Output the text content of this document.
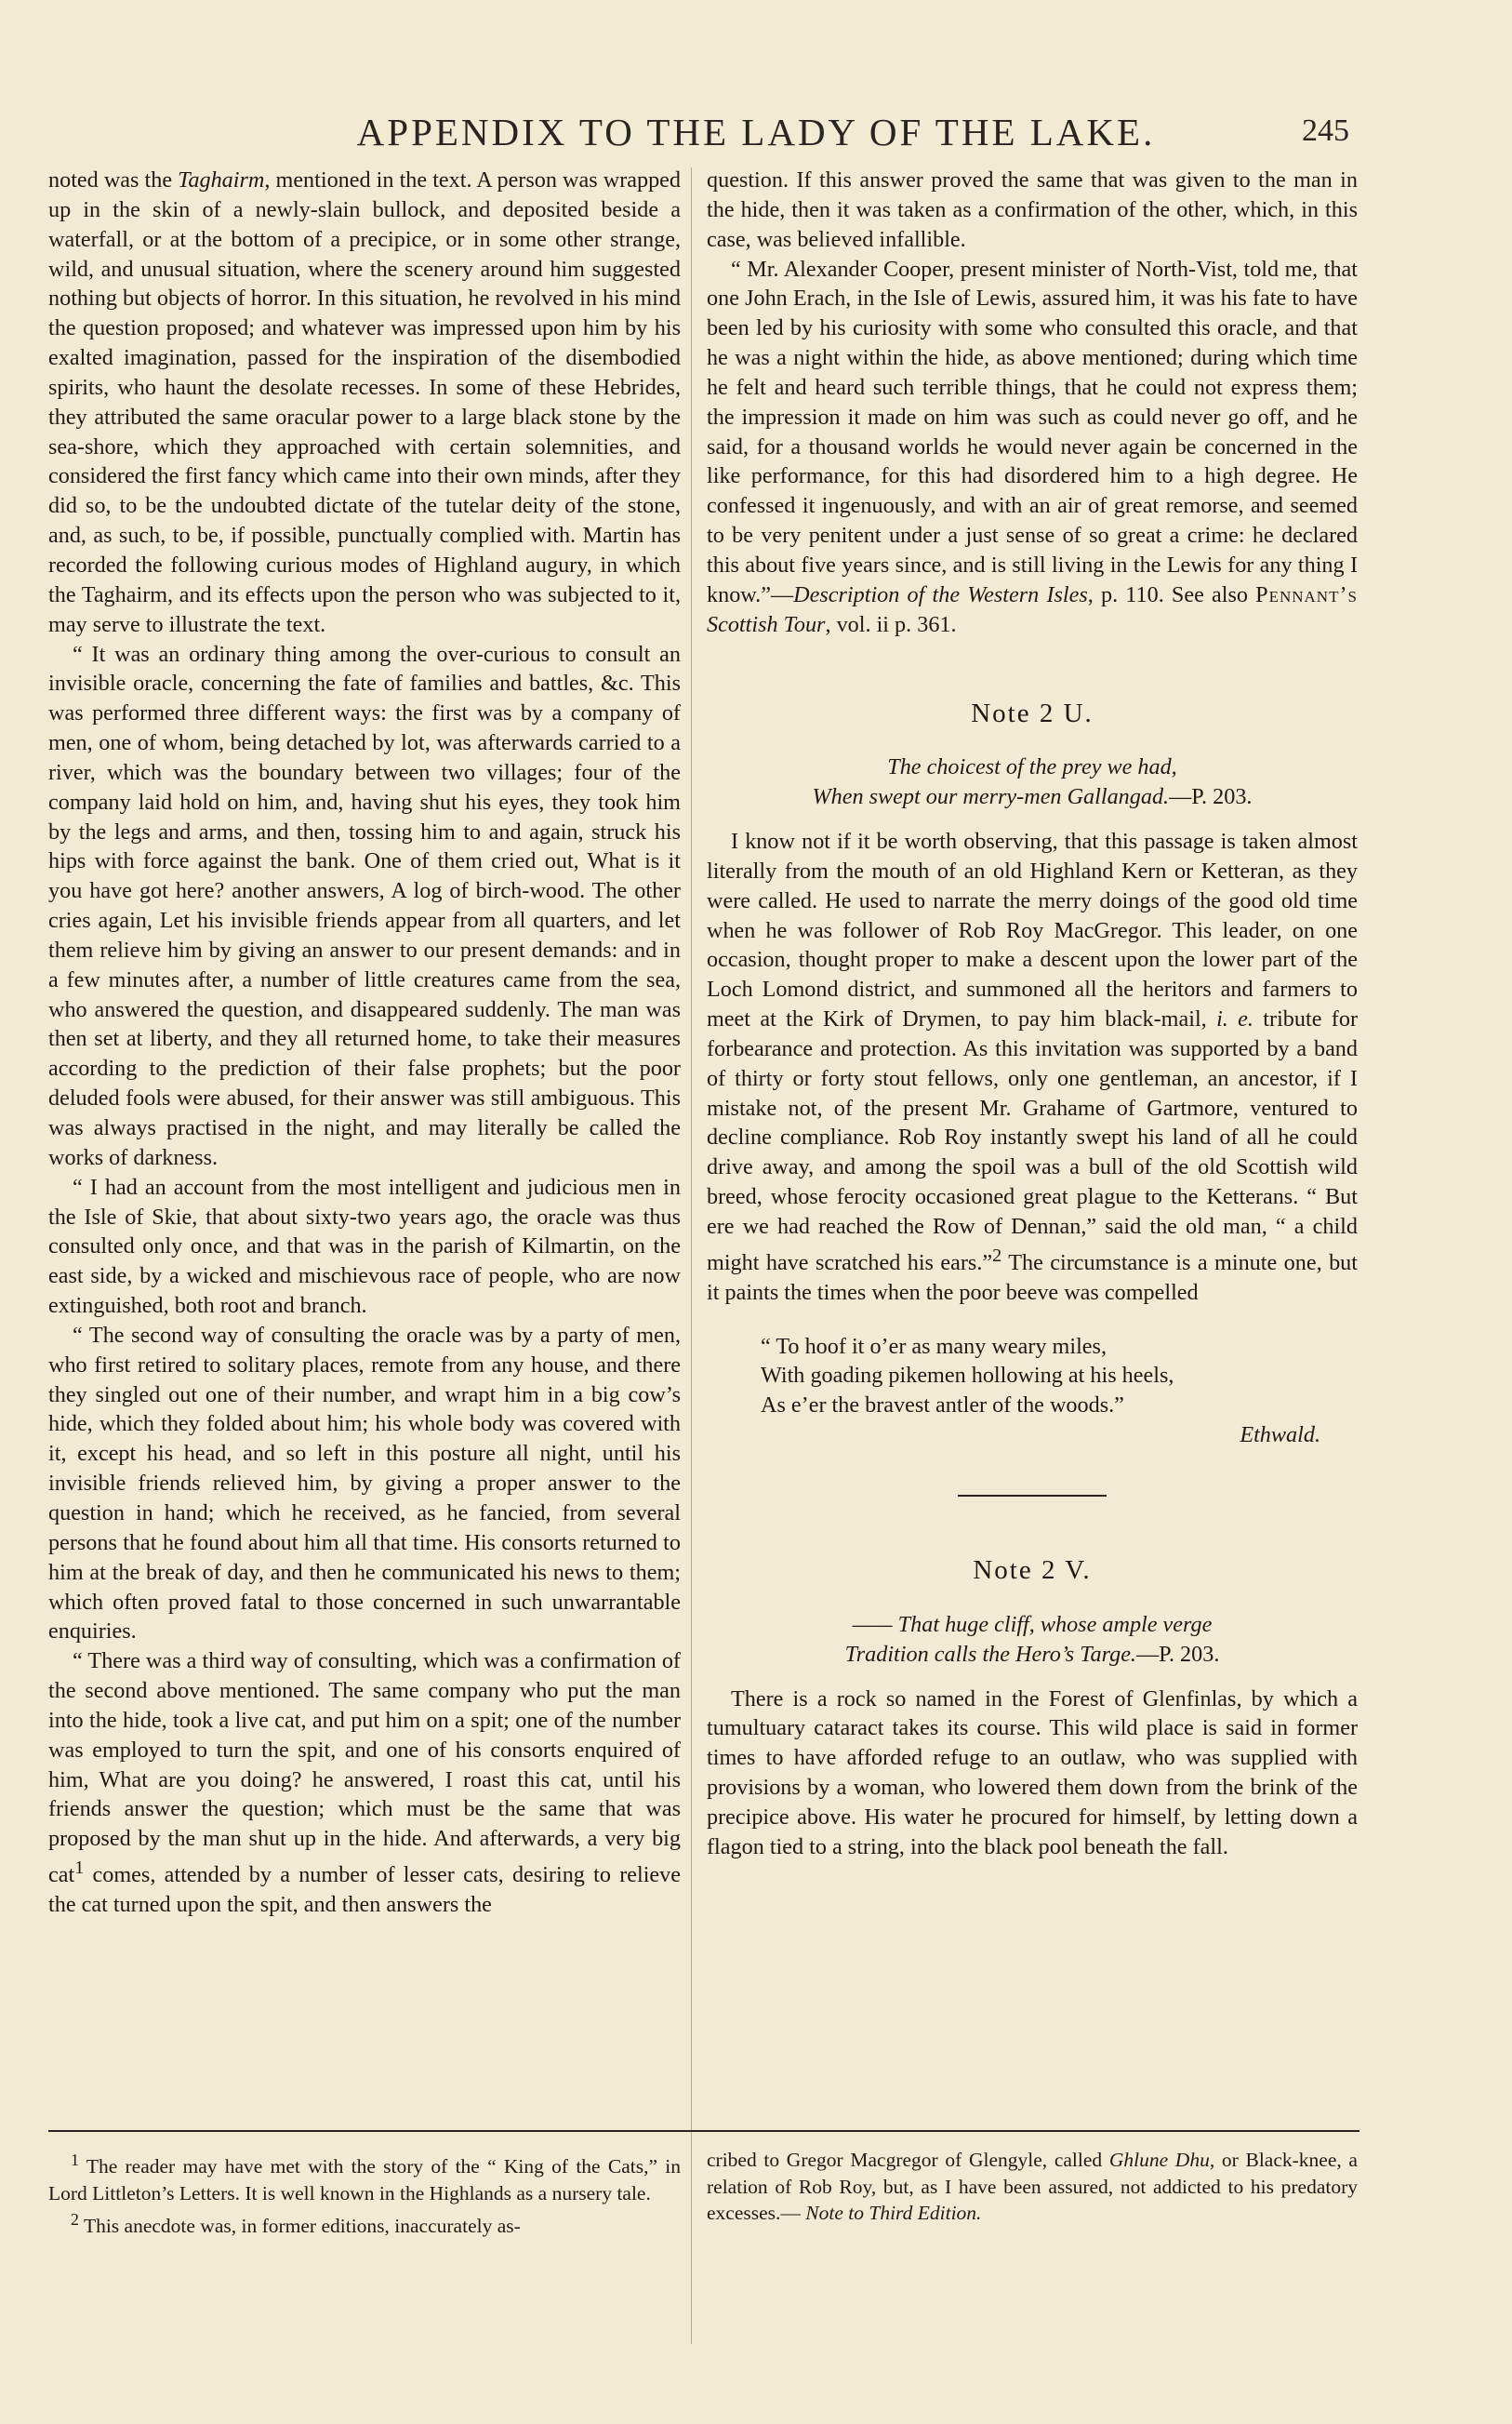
APPENDIX TO THE LADY OF THE LAKE.	245

noted was the Taghairm, mentioned in the text. A person was wrapped up in the skin of a newly-slain bullock, and deposited beside a waterfall, or at the bottom of a precipice, or in some other strange, wild, and unusual situation, where the scenery around him suggested nothing but objects of horror. In this situation, he revolved in his mind the question proposed; and whatever was impressed upon him by his exalted imagination, passed for the inspiration of the disembodied spirits, who haunt the desolate recesses. In some of these Hebrides, they attributed the same oracular power to a large black stone by the sea-shore, which they approached with certain solemnities, and considered the first fancy which came into their own minds, after they did so, to be the undoubted dictate of the tutelar deity of the stone, and, as such, to be, if possible, punctually complied with. Martin has recorded the following curious modes of Highland augury, in which the Taghairm, and its effects upon the person who was subjected to it, may serve to illustrate the text.

“ It was an ordinary thing among the over-curious to consult an invisible oracle, concerning the fate of families and battles, &c. This was performed three different ways: the first was by a company of men, one of whom, being detached by lot, was afterwards carried to a river, which was the boundary between two villages; four of the company laid hold on him, and, having shut his eyes, they took him by the legs and arms, and then, tossing him to and again, struck his hips with force against the bank. One of them cried out, What is it you have got here? another answers, A log of birch-wood. The other cries again, Let his invisible friends appear from all quarters, and let them relieve him by giving an answer to our present demands: and in a few minutes after, a number of little creatures came from the sea, who answered the question, and disappeared suddenly. The man was then set at liberty, and they all returned home, to take their measures according to the prediction of their false prophets; but the poor deluded fools were abused, for their answer was still ambiguous. This was always practised in the night, and may literally be called the works of darkness.

“ I had an account from the most intelligent and judicious men in the Isle of Skie, that about sixty-two years ago, the oracle was thus consulted only once, and that was in the parish of Kilmartin, on the east side, by a wicked and mischievous race of people, who are now extinguished, both root and branch.

“ The second way of consulting the oracle was by a party of men, who first retired to solitary places, remote from any house, and there they singled out one of their number, and wrapt him in a big cow’s hide, which they folded about him; his whole body was covered with it, except his head, and so left in this posture all night, until his invisible friends relieved him, by giving a proper answer to the question in hand; which he received, as he fancied, from several persons that he found about him all that time. His consorts returned to him at the break of day, and then he communicated his news to them; which often proved fatal to those concerned in such unwarrantable enquiries.

“ There was a third way of consulting, which was a confirmation of the second above mentioned. The same company who put the man into the hide, took a live cat, and put him on a spit; one of the number was employed to turn the spit, and one of his consorts enquired of him, What are you doing? he answered, I roast this cat, until his friends answer the question; which must be the same that was proposed by the man shut up in the hide. And afterwards, a very big cat$^1$ comes, attended by a number of lesser cats, desiring to relieve the cat turned upon the spit, and then answers the

question. If this answer proved the same that was given to the man in the hide, then it was taken as a confirmation of the other, which, in this case, was believed infallible.

“ Mr. Alexander Cooper, present minister of North-Vist, told me, that one John Erach, in the Isle of Lewis, assured him, it was his fate to have been led by his curiosity with some who consulted this oracle, and that he was a night within the hide, as above mentioned; during which time he felt and heard such terrible things, that he could not express them; the impression it made on him was such as could never go off, and he said, for a thousand worlds he would never again be concerned in the like performance, for this had disordered him to a high degree. He confessed it ingenuously, and with an air of great remorse, and seemed to be very penitent under a just sense of so great a crime: he declared this about five years since, and is still living in the Lewis for any thing I know.”—Description of the Western Isles, p. 110. See also Pennant’s Scottish Tour, vol. ii p. 361.

Note 2 U.
The choicest of the prey we had,
When swept our merry-men Gallangad.—P. 203.

I know not if it be worth observing, that this passage is taken almost literally from the mouth of an old Highland Kern or Ketteran, as they were called. He used to narrate the merry doings of the good old time when he was follower of Rob Roy MacGregor. This leader, on one occasion, thought proper to make a descent upon the lower part of the Loch Lomond district, and summoned all the heritors and farmers to meet at the Kirk of Drymen, to pay him black-mail, i. e. tribute for forbearance and protection. As this invitation was supported by a band of thirty or forty stout fellows, only one gentleman, an ancestor, if I mistake not, of the present Mr. Grahame of Gartmore, ventured to decline compliance. Rob Roy instantly swept his land of all he could drive away, and among the spoil was a bull of the old Scottish wild breed, whose ferocity occasioned great plague to the Ketterans. “ But ere we had reached the Row of Dennan,” said the old man, “ a child might have scratched his ears.”$^2$ The circumstance is a minute one, but it paints the times when the poor beeve was compelled

“ To hoof it o’er as many weary miles,
With goading pikemen hollowing at his heels,
As e’er the bravest antler of the woods.”
Ethwald.
Note 2 V.
—— That huge cliff, whose ample verge
Tradition calls the Hero’s Targe.—P. 203.

There is a rock so named in the Forest of Glenfinlas, by which a tumultuary cataract takes its course. This wild place is said in former times to have afforded refuge to an outlaw, who was supplied with provisions by a woman, who lowered them down from the brink of the precipice above. His water he procured for himself, by letting down a flagon tied to a string, into the black pool beneath the fall.

$^1$ The reader may have met with the story of the “ King of the Cats,” in Lord Littleton’s Letters. It is well known in the Highlands as a nursery tale.

$^2$ This anecdote was, in former editions, inaccurately as-

cribed to Gregor Macgregor of Glengyle, called Ghlune Dhu, or Black-knee, a relation of Rob Roy, but, as I have been assured, not addicted to his predatory excesses.— Note to Third Edition.
